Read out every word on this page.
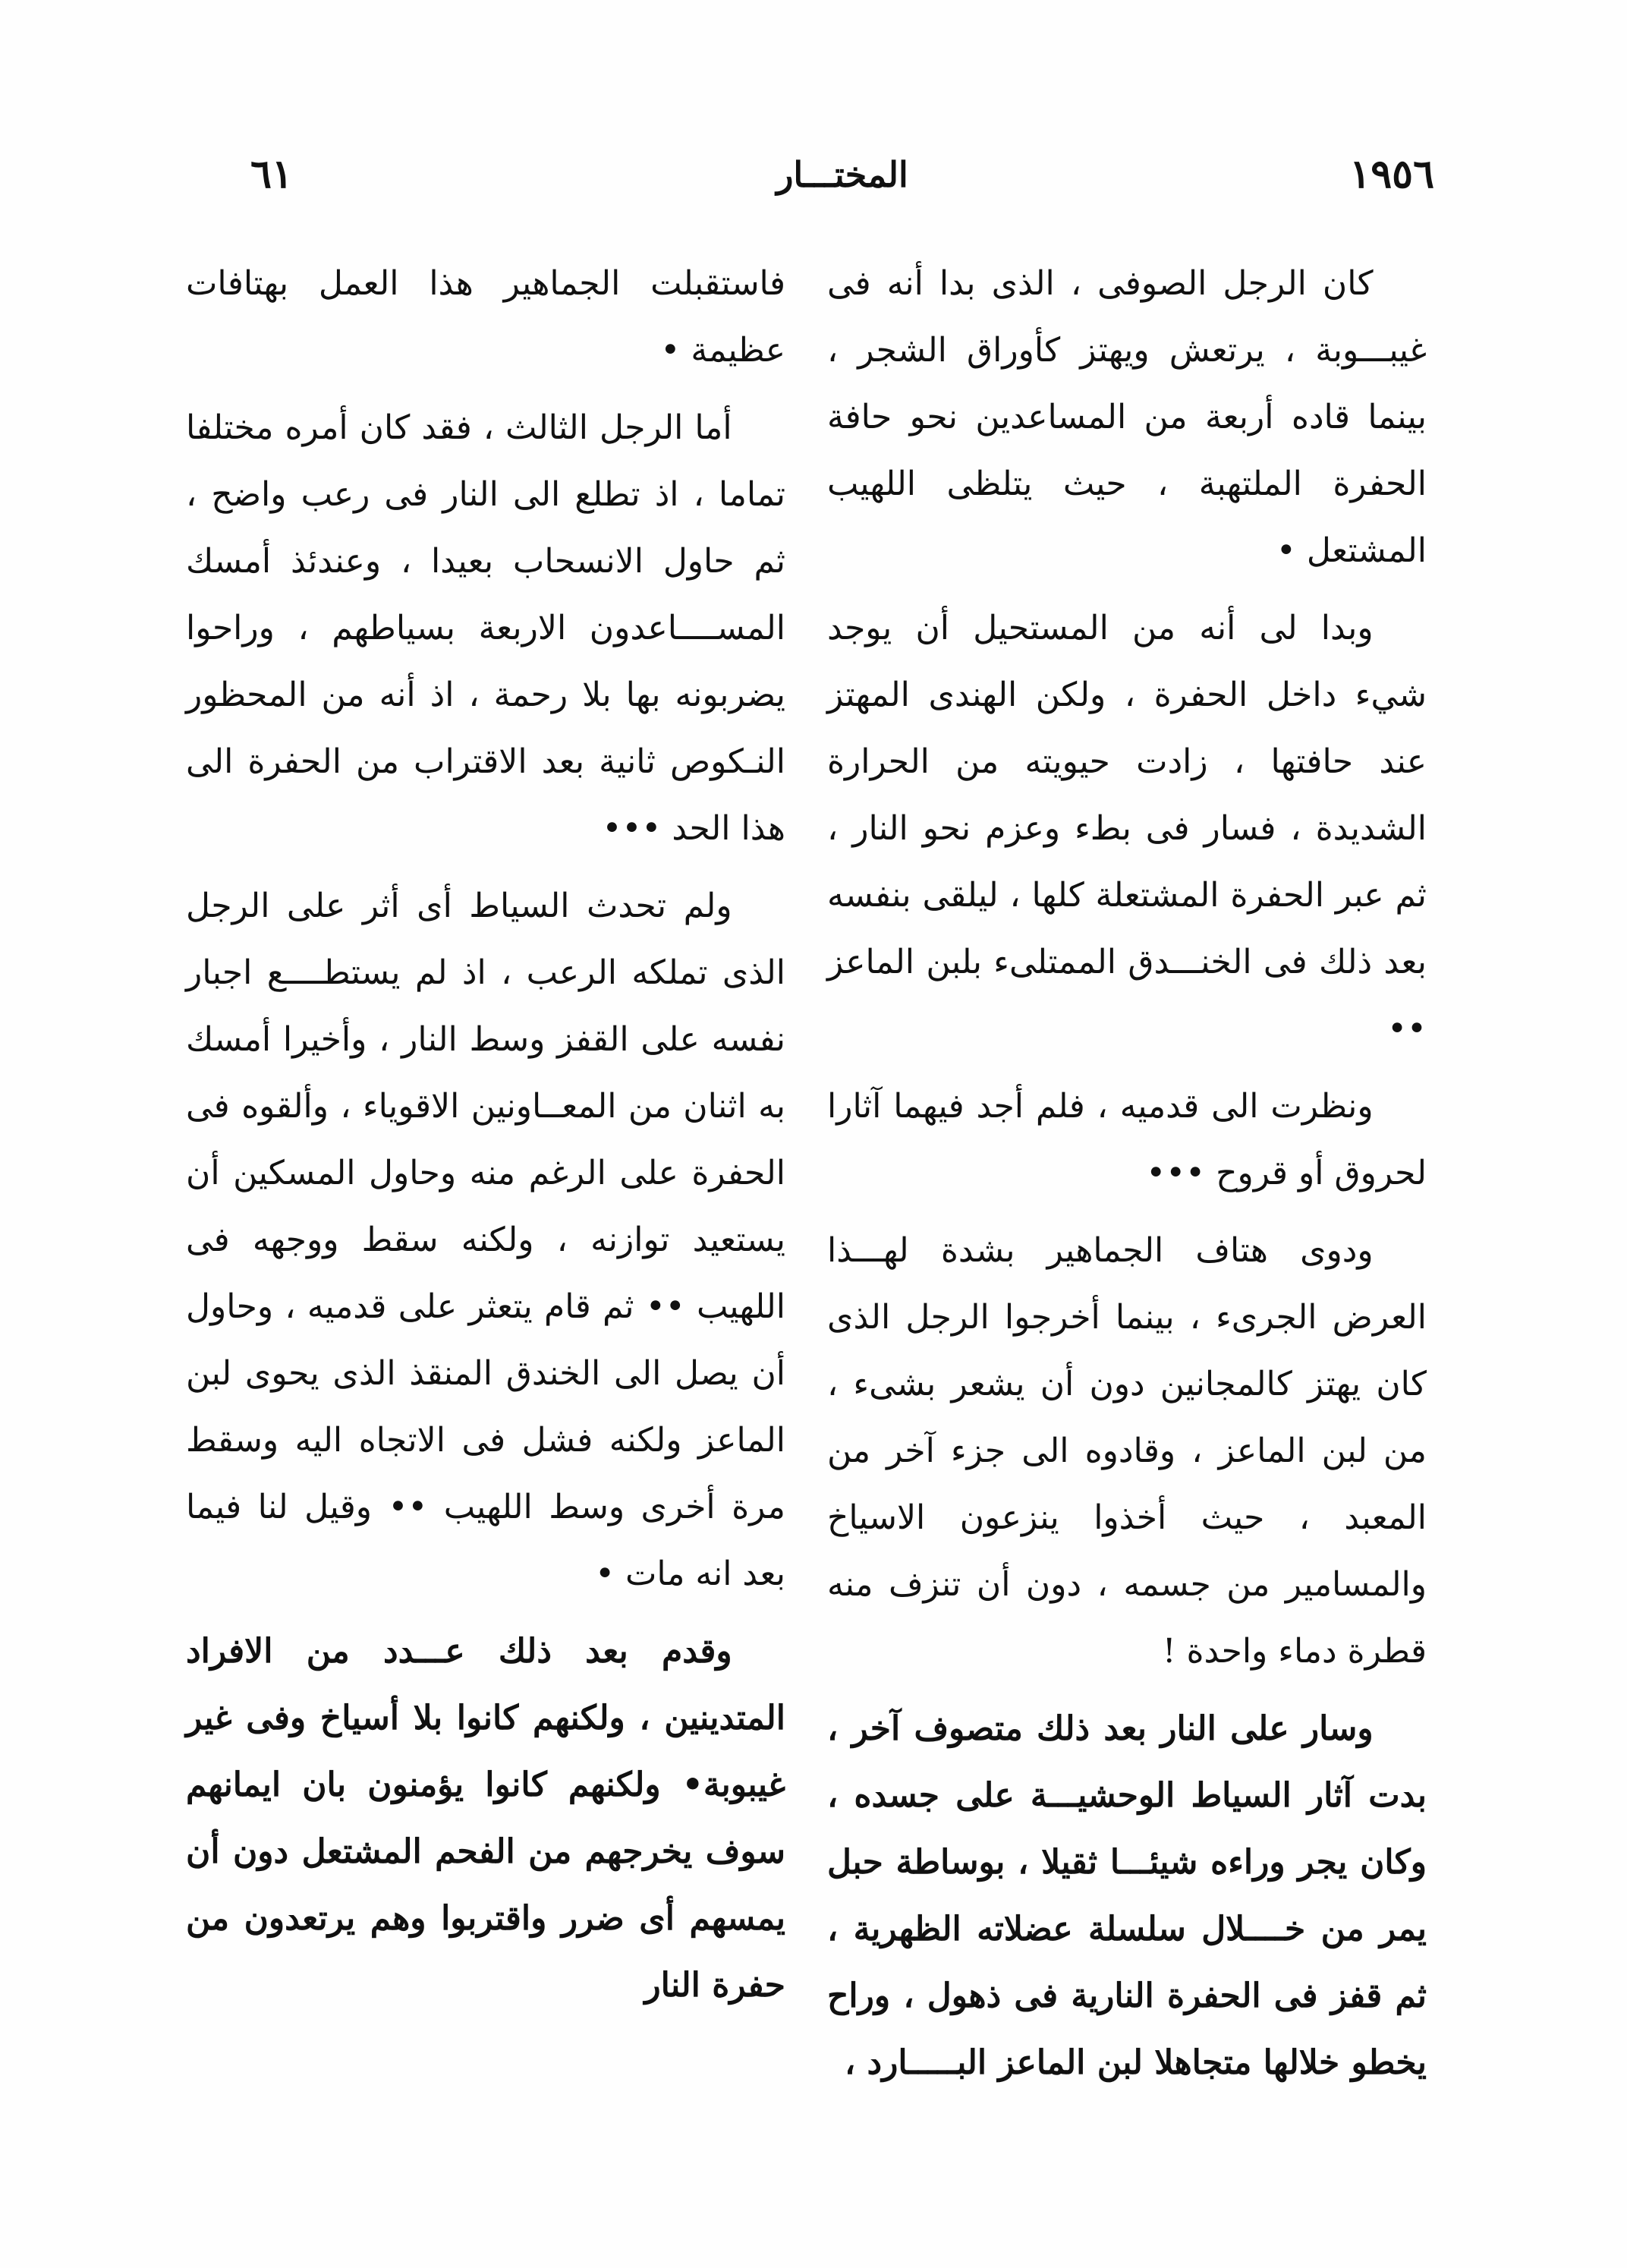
٦١	المختـــار	١٩٥٦

كان الرجل الصوفى ، الذى بدا أنه فى غيبـــوبة ، يرتعش ويهتز كأوراق الشجر ، بينما قاده أربعة من المساعدين نحو حافة الحفرة الملتهبة ، حيث يتلظى اللهيب المشتعل •

وبدا لى أنه من المستحيل أن يوجد شيء داخل الحفرة ، ولكن الهندى المهتز عند حافتها ، زادت حيويته من الحرارة الشديدة ، فسار فى بطء وعزم نحو النار ، ثم عبر الحفرة المشتعلة كلها ، ليلقى بنفسه بعد ذلك فى الخنـــدق الممتلىء بلبن الماعز ••

ونظرت الى قدميه ، فلم أجد فيهما آثارا لحروق أو قروح •••

ودوى هتاف الجماهير بشدة لهـــذا العرض الجرىء ، بينما أخرجوا الرجل الذى كان يهتز كالمجانين دون أن يشعر بشىء ، من لبن الماعز ، وقادوه الى جزء آخر من المعبد ، حيث أخذوا ينزعون الاسياخ والمسامير من جسمه ، دون أن تنزف منه قطرة دماء واحدة !

وسار على النار بعد ذلك متصوف آخر ، بدت آثار السياط الوحشيـــة على جسده ، وكان يجر وراءه شيئـــا ثقيلا ، بوساطة حبل يمر من خــــلال سلسلة عضلاته الظهرية ، ثم قفز فى الحفرة النارية فى ذهول ، وراح يخطو خلالها متجاهلا لبن الماعز البـــــارد ،

فاستقبلت الجماهير هذا العمل بهتافات عظيمة •

أما الرجل الثالث ، فقد كان أمره مختلفا تماما ، اذ تطلع الى النار فى رعب واضح ، ثم حاول الانسحاب بعيدا ، وعندئذ أمسك المســــاعدون الاربعة بسياطهم ، وراحوا يضربونه بها بلا رحمة ، اذ أنه من المحظور النـكوص ثانية بعد الاقتراب من الحفرة الى هذا الحد •••

ولم تحدث السياط أى أثر على الرجل الذى تملكه الرعب ، اذ لم يستطــــع اجبار نفسه على القفز وسط النار ، وأخيرا أمسك به اثنان من المعــاونين الاقوياء ، وألقوه فى الحفرة على الرغم منه وحاول المسكين أن يستعيد توازنه ، ولكنه سقط ووجهه فى اللهيب •• ثم قام يتعثر على قدميه ، وحاول أن يصل الى الخندق المنقذ الذى يحوى لبن الماعز ولكنه فشل فى الاتجاه اليه وسقط مرة أخرى وسط اللهيب •• وقيل لنا فيما بعد انه مات •

وقدم بعد ذلك عـــدد من الافراد المتدينين ، ولكنهم كانوا بلا أسياخ وفى غير غيبوبة• ولكنهم كانوا يؤمنون بان ايمانهم سوف يخرجهم من الفحم المشتعل دون أن يمسهم أى ضرر واقتربوا وهم يرتعدون من حفرة النار
